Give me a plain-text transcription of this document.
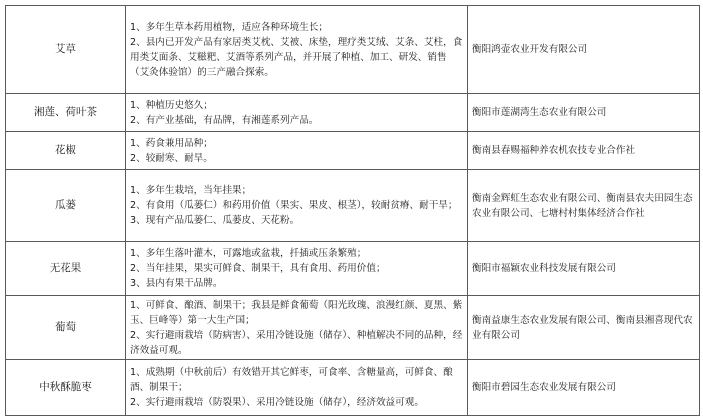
艾草	1、多年生草本药用植物，适应各种环境生长；
2、县内已开发产品有家居类艾枕、艾被、床垫，理疗类艾绒、艾条、艾柱，食用类艾面条、艾糍粑、艾酒等系列产品，并开展了种植、加工、研发、销售（艾灸体验馆）的三产融合探索。	衡阳鸿壶农业开发有限公司
湘莲、荷叶茶	1、种植历史悠久；
2、有产业基础，有品牌，有湘莲系列产品。	衡阳市莲湖湾生态农业有限公司
花椒	1、药食兼用品种；
2、较耐寒、耐旱。	衡南县春赐福种养农机农技专业合作社
瓜蒌	1、多年生栽培，当年挂果；
2、有食用（瓜蒌仁）和药用价值（果实、果皮、根茎），较耐贫瘠、耐干旱；
3、现有产品瓜蒌仁、瓜蒌皮、天花粉。	衡南金辉虹生态农业有限公司、衡南县农夫田园生态农业有限公司、七塘村村集体经济合作社
无花果	1、多年生落叶灌木，可露地或盆栽，扦插或压条繁殖；
2、当年挂果，果实可鲜食、制果干，具有食用、药用价值；
3、县内有果干品牌。	衡阳市福颖农业科技发展有限公司
葡萄	1、可鲜食、酿酒、制果干；我县是鲜食葡萄（阳光玫瑰、浪漫红颜、夏黑、紫玉、巨峰等）第一大生产国；
2、实行避雨栽培（防病害）、采用冷链设施（储存）、种植解决不同的品种，经济效益可观。	衡南益康生态农业发展有限公司、衡南县湘喜现代农业有限公司
中秋酥脆枣	1、成熟期（中秋前后）有效错开其它鲜枣，可食率、含糖量高，可鲜食、酿酒、制果干；
2、实行避雨栽培（防裂果）、采用冷链设施（储存），经济效益可观。	衡阳市碧园生态农业发展有限公司
